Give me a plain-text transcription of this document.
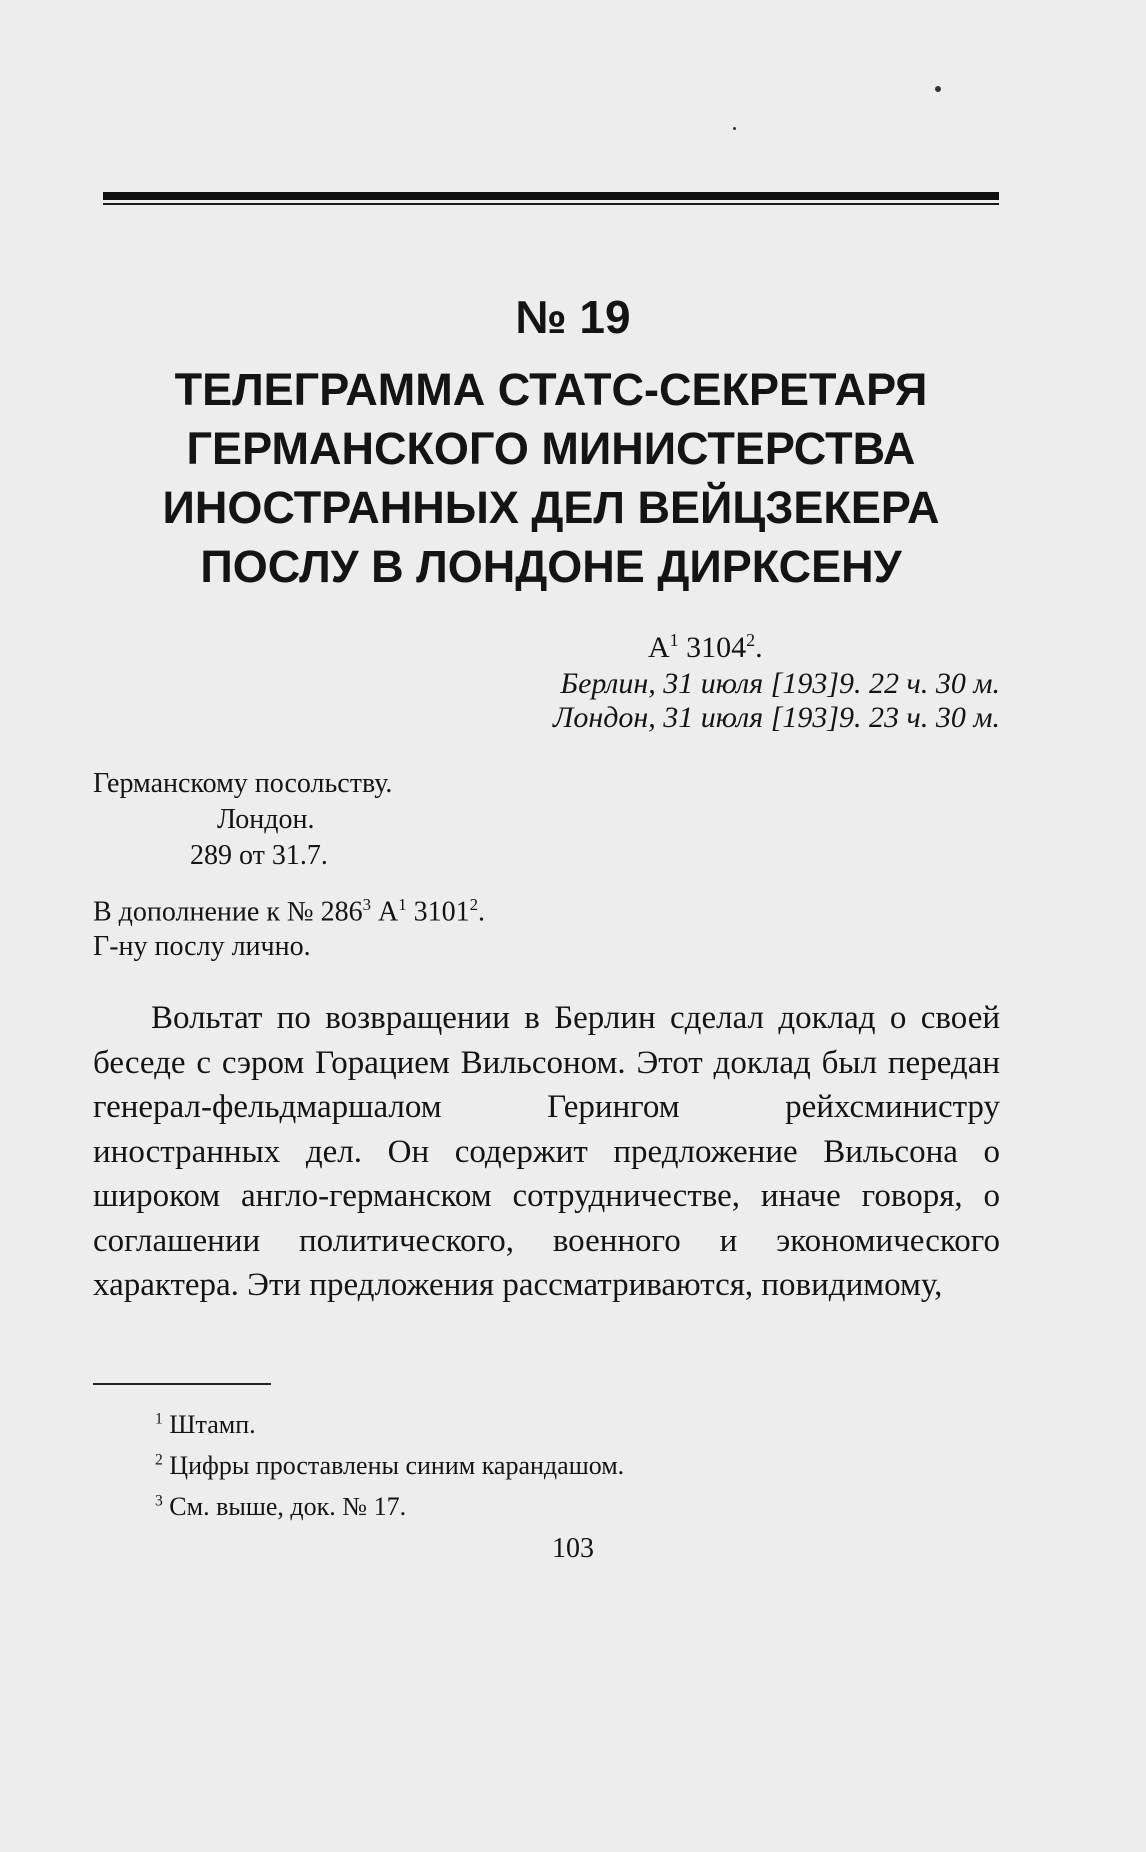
№ 19
ТЕЛЕГРАММА СТАТС-СЕКРЕТАРЯ
ГЕРМАНСКОГО МИНИСТЕРСТВА
ИНОСТРАННЫХ ДЕЛ ВЕЙЦЗЕКЕРА
ПОСЛУ В ЛОНДОНЕ ДИРКСЕНУ
$А^1$ 3104$^2$.
Берлин, 31 июля [193]9. 22 ч. 30 м.
Лондон, 31 июля [193]9. 23 ч. 30 м.
Германскому посольству.
Лондон.
289 от 31.7.
В дополнение к № $286^3$ $А^1$ 3101$^2$.
Г-ну послу лично.

Вольтат по возвращении в Берлин сделал доклад о своей беседе с сэром Горацием Вильсоном. Этот доклад был передан генерал-фельдмаршалом Герингом рейхсминистру иностранных дел. Он содержит предложение Вильсона о широком англо-германском сотрудничестве, иначе говоря, о соглашении политического, военного и экономического характера. Эти предложения рассматриваются, повидимому,

$^1$ Штамп.
$^2$ Цифры проставлены синим карандашом.
$^3$ См. выше, док. № 17.
103
